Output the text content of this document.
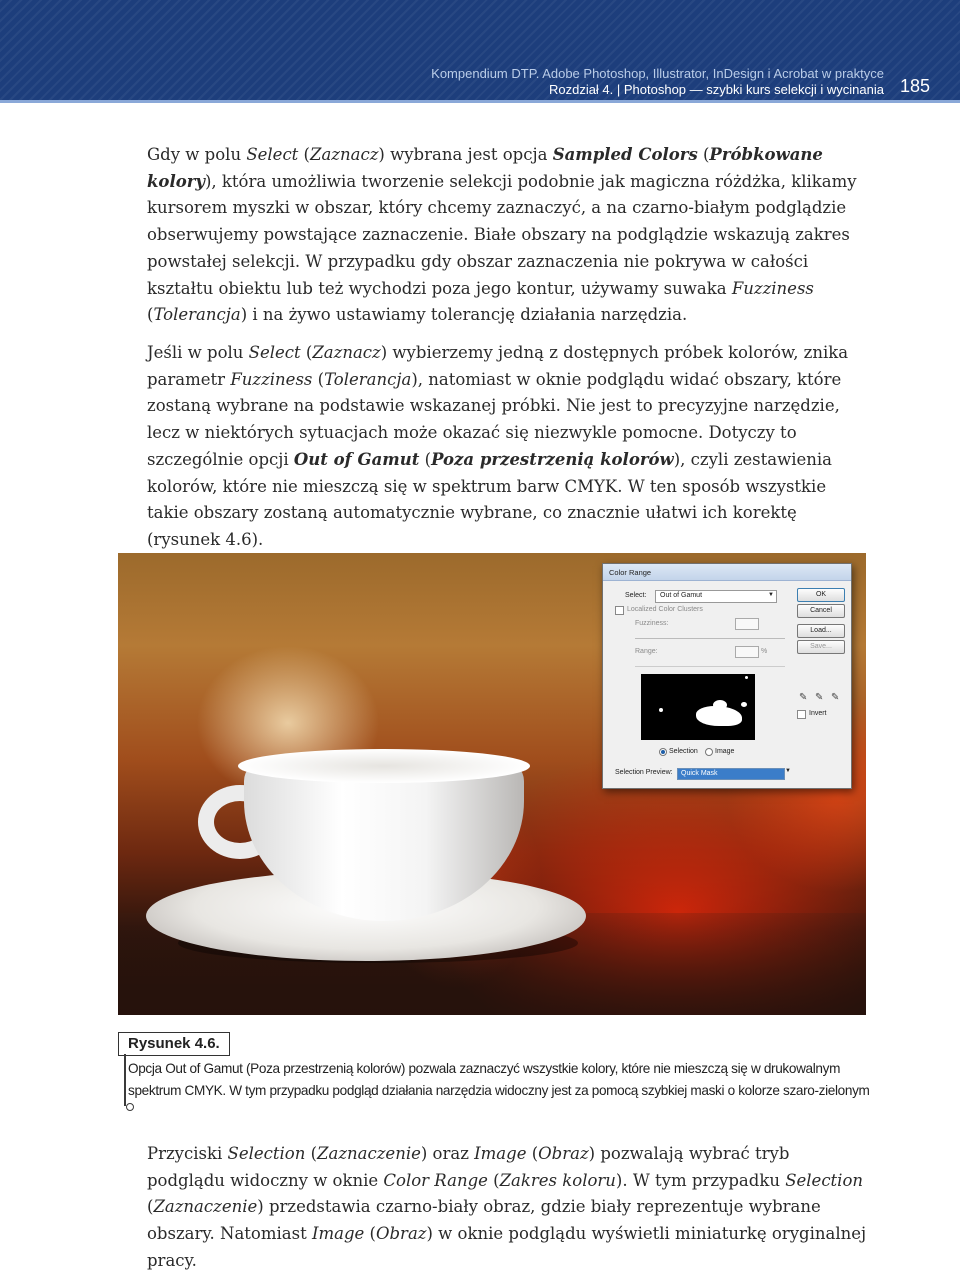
Kompendium DTP. Adobe Photoshop, Illustrator, InDesign i Acrobat w praktyce
Rozdział 4. | Photoshop — szybki kurs selekcji i wycinania 185

Gdy w polu Select (Zaznacz) wybrana jest opcja Sampled Colors (Próbkowane kolory), która umożliwia tworzenie selekcji podobnie jak magiczna różdżka, klikamy kursorem myszki w obszar, który chcemy zaznaczyć, a na czarno-białym podglądzie obserwujemy powstające zaznaczenie. Białe obszary na podglądzie wskazują zakres powstałej selekcji. W przypadku gdy obszar zaznaczenia nie pokrywa w całości kształtu obiektu lub też wychodzi poza jego kontur, używamy suwaka Fuzziness (Tolerancja) i na żywo ustawiamy tolerancję działania narzędzia.

Jeśli w polu Select (Zaznacz) wybierzemy jedną z dostępnych próbek kolorów, znika parametr Fuzziness (Tolerancja), natomiast w oknie podglądu widać obszary, które zostaną wybrane na podstawie wskazanej próbki. Nie jest to precyzyjne narzędzie, lecz w niektórych sytuacjach może okazać się niezwykle pomocne. Dotyczy to szczególnie opcji Out of Gamut (Poza przestrzenią kolorów), czyli zestawienia kolorów, które nie mieszczą się w spektrum barw CMYK. W ten sposób wszystkie takie obszary zostaną automatycznie wybrane, co znacznie ułatwi ich korektę (rysunek 4.6).

Color Range
Select: Out of Gamut	▼
Localized Color Clusters
Fuzziness:
Range:	%
OK
Cancel
Load...
Save...
✎ ✎ ✎
Invert
Selection Image
Selection Preview: Quick Mask	▼
Rysunek 4.6.
Opcja Out of Gamut (Poza przestrzenią kolorów) pozwala zaznaczyć wszystkie kolory, które nie mieszczą się w drukowalnym
spektrum CMYK. W tym przypadku podgląd działania narzędzia widoczny jest za pomocą szybkiej maski o kolorze szaro-zielonym

Przyciski Selection (Zaznaczenie) oraz Image (Obraz) pozwalają wybrać tryb podglądu widoczny w oknie Color Range (Zakres koloru). W tym przypadku Selection (Zaznaczenie) przedstawia czarno-biały obraz, gdzie biały reprezentuje wybrane obszary. Natomiast Image (Obraz) w oknie podglądu wyświetli miniaturkę oryginalnej pracy.
